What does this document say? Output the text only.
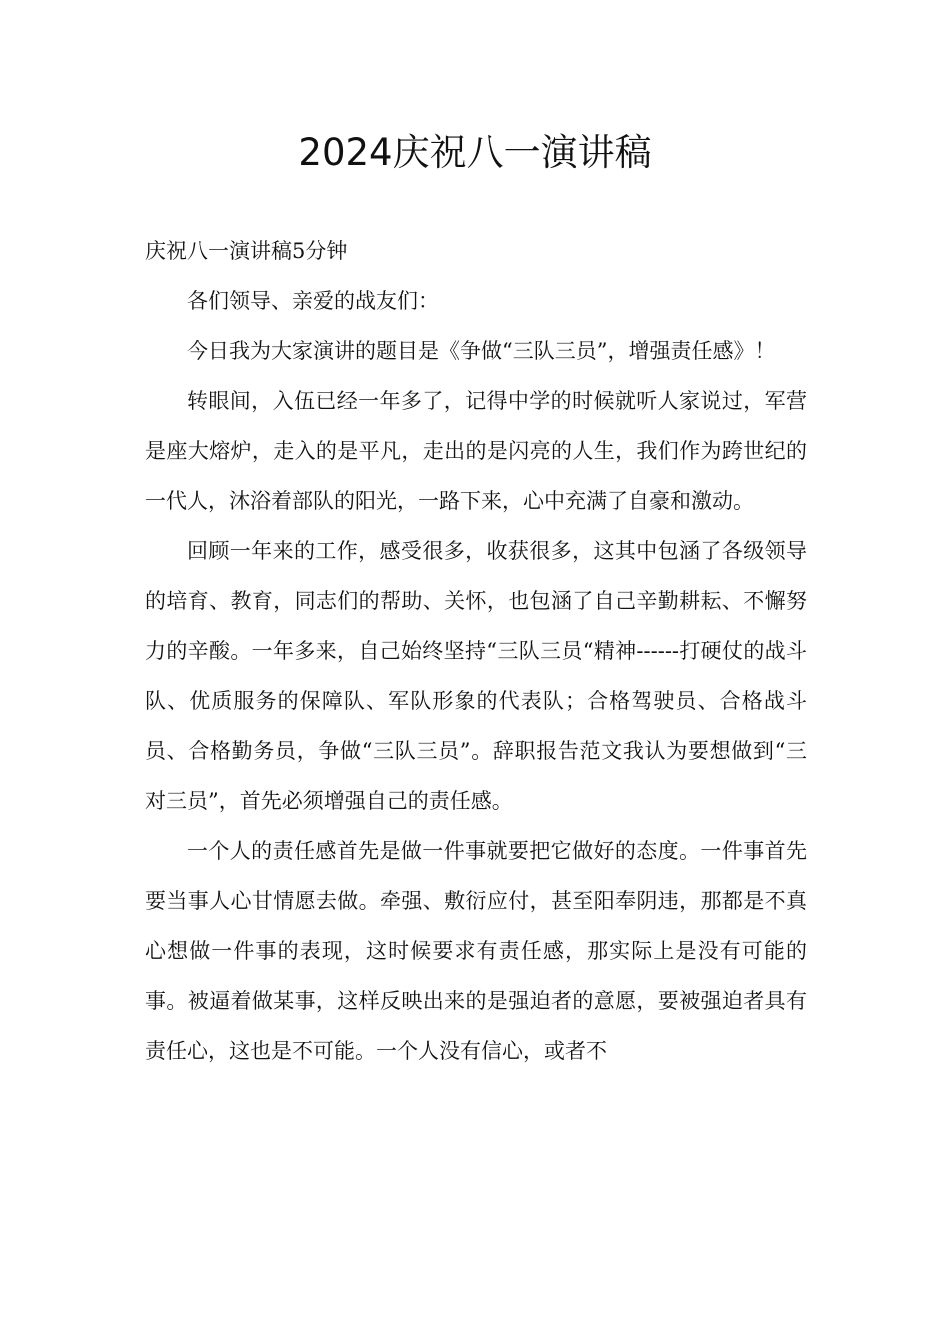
2024庆祝八一演讲稿

庆祝八一演讲稿5分钟

各们领导、亲爱的战友们：

今日我为大家演讲的题目是《争做“三队三员”，增强责任感》！

转眼间，入伍已经一年多了，记得中学的时候就听人家说过，军营是座大熔炉，走入的是平凡，走出的是闪亮的人生，我们作为跨世纪的一代人，沐浴着部队的阳光，一路下来，心中充满了自豪和激动。

回顾一年来的工作，感受很多，收获很多，这其中包涵了各级领导的培育、教育，同志们的帮助、关怀，也包涵了自己辛勤耕耘、不懈努力的辛酸。一年多来，自己始终坚持“三队三员“精神------打硬仗的战斗队、优质服务的保障队、军队形象的代表队；合格驾驶员、合格战斗员、合格勤务员，争做“三队三员”。辞职报告范文我认为要想做到“三对三员”，首先必须增强自己的责任感。

一个人的责任感首先是做一件事就要把它做好的态度。一件事首先要当事人心甘情愿去做。牵强、敷衍应付，甚至阳奉阴违，那都是不真心想做一件事的表现，这时候要求有责任感，那实际上是没有可能的事。被逼着做某事，这样反映出来的是强迫者的意愿，要被强迫者具有责任心，这也是不可能。一个人没有信心，或者不
